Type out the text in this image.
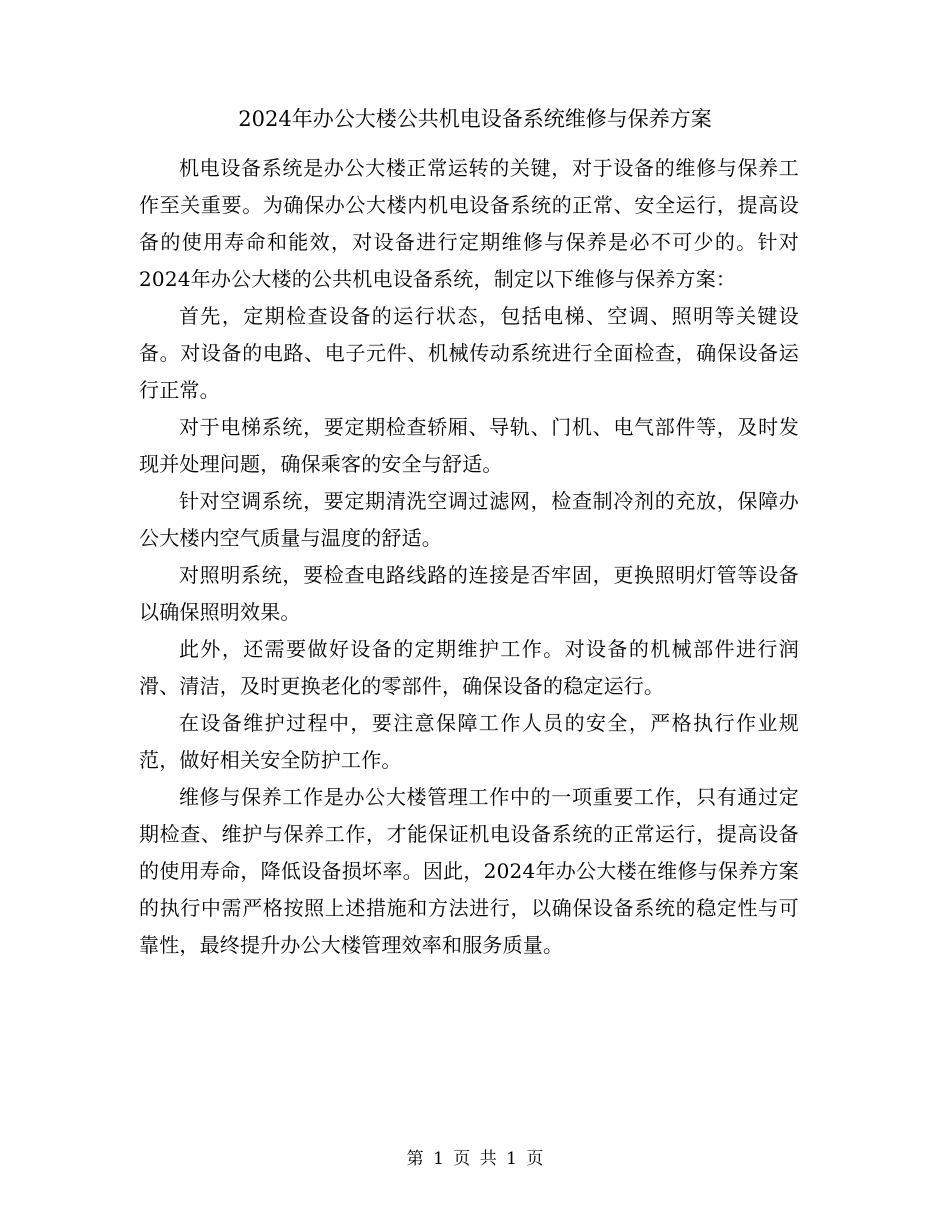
2024年办公大楼公共机电设备系统维修与保养方案

机电设备系统是办公大楼正常运转的关键，对于设备的维修与保养工作至关重要。为确保办公大楼内机电设备系统的正常、安全运行，提高设备的使用寿命和能效，对设备进行定期维修与保养是必不可少的。针对2024年办公大楼的公共机电设备系统，制定以下维修与保养方案：

首先，定期检查设备的运行状态，包括电梯、空调、照明等关键设备。对设备的电路、电子元件、机械传动系统进行全面检查，确保设备运行正常。

对于电梯系统，要定期检查轿厢、导轨、门机、电气部件等，及时发现并处理问题，确保乘客的安全与舒适。

针对空调系统，要定期清洗空调过滤网，检查制冷剂的充放，保障办公大楼内空气质量与温度的舒适。

对照明系统，要检查电路线路的连接是否牢固，更换照明灯管等设备以确保照明效果。

此外，还需要做好设备的定期维护工作。对设备的机械部件进行润滑、清洁，及时更换老化的零部件，确保设备的稳定运行。

在设备维护过程中，要注意保障工作人员的安全，严格执行作业规范，做好相关安全防护工作。

维修与保养工作是办公大楼管理工作中的一项重要工作，只有通过定期检查、维护与保养工作，才能保证机电设备系统的正常运行，提高设备的使用寿命，降低设备损坏率。因此，2024年办公大楼在维修与保养方案的执行中需严格按照上述措施和方法进行，以确保设备系统的稳定性与可靠性，最终提升办公大楼管理效率和服务质量。

第 1 页 共 1 页
